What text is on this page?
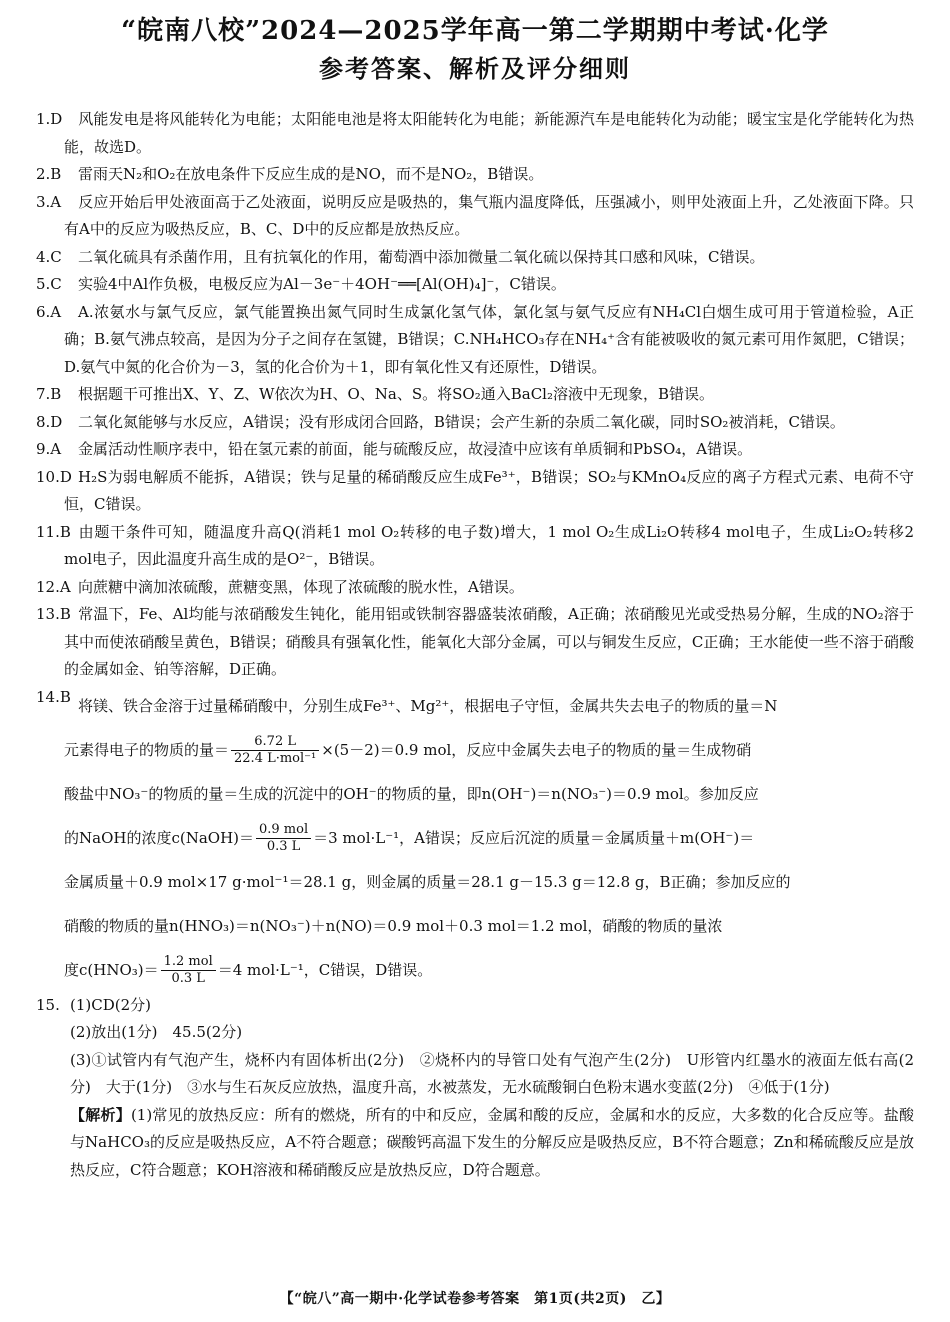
“皖南八校”2024—2025学年高一第二学期期中考试·化学
参考答案、解析及评分细则

1.D 风能发电是将风能转化为电能；太阳能电池是将太阳能转化为电能；新能源汽车是电能转化为动能；暖宝宝是化学能转化为热能，故选D。

2.B 雷雨天N₂和O₂在放电条件下反应生成的是NO，而不是NO₂，B错误。

3.A 反应开始后甲处液面高于乙处液面，说明反应是吸热的，集气瓶内温度降低，压强减小，则甲处液面上升，乙处液面下降。只有A中的反应为吸热反应，B、C、D中的反应都是放热反应。

4.C 二氧化硫具有杀菌作用，且有抗氧化的作用，葡萄酒中添加微量二氧化硫以保持其口感和风味，C错误。

5.C 实验4中Al作负极，电极反应为Al－3e⁻＋4OH⁻══[Al(OH)₄]⁻，C错误。

6.A A.浓氨水与氯气反应，氯气能置换出氮气同时生成氯化氢气体，氯化氢与氨气反应有NH₄Cl白烟生成可用于管道检验，A正确；B.氨气沸点较高，是因为分子之间存在氢键，B错误；C.NH₄HCO₃存在NH₄⁺含有能被吸收的氮元素可用作氮肥，C错误；D.氨气中氮的化合价为－3，氢的化合价为＋1，即有氧化性又有还原性，D错误。

7.B 根据题干可推出X、Y、Z、W依次为H、O、Na、S。将SO₂通入BaCl₂溶液中无现象，B错误。

8.D 二氧化氮能够与水反应，A错误；没有形成闭合回路，B错误；会产生新的杂质二氧化碳，同时SO₂被消耗，C错误。

9.A 金属活动性顺序表中，铅在氢元素的前面，能与硫酸反应，故浸渣中应该有单质铜和PbSO₄，A错误。

10.D H₂S为弱电解质不能拆，A错误；铁与足量的稀硝酸反应生成Fe³⁺，B错误；SO₂与KMnO₄反应的离子方程式元素、电荷不守恒，C错误。

11.B 由题干条件可知，随温度升高Q(消耗1 mol O₂转移的电子数)增大，1 mol O₂生成Li₂O转移4 mol电子，生成Li₂O₂转移2 mol电子，因此温度升高生成的是O²⁻，B错误。

12.A 向蔗糖中滴加浓硫酸，蔗糖变黑，体现了浓硫酸的脱水性，A错误。

13.B 常温下，Fe、Al均能与浓硝酸发生钝化，能用铝或铁制容器盛装浓硝酸，A正确；浓硝酸见光或受热易分解，生成的NO₂溶于其中而使浓硝酸呈黄色，B错误；硝酸具有强氧化性，能氧化大部分金属，可以与铜发生反应，C正确；王水能使一些不溶于硝酸的金属如金、铂等溶解，D正确。

14.B 将镁、铁合金溶于过量稀硝酸中，分别生成Fe³⁺、Mg²⁺，根据电子守恒，金属共失去电子的物质的量＝N
元素得电子的物质的量＝ $\frac{6.72 L}{\text{22.4 L·mol⁻¹}} \times(5-2)=0.9$ mol，反应中金属失去电子的物质的量＝生成物硝
酸盐中NO₃⁻的物质的量＝生成的沉淀中的OH⁻的物质的量，即n(OH⁻)＝n(NO₃⁻)＝0.9 mol。参加反应
的NaOH的浓度c(NaOH)＝ $\frac{\text{0.9 mol}}{0.3 L} =3$ mol·L⁻¹，A错误；反应后沉淀的质量＝金属质量＋m(OH⁻)＝
金属质量＋0.9 mol×17 g·mol⁻¹＝28.1 g，则金属的质量＝28.1 g－15.3 g＝12.8 g，B正确；参加反应的
硝酸的物质的量n(HNO₃)＝n(NO₃⁻)＋n(NO)＝0.9 mol＋0.3 mol＝1.2 mol，硝酸的物质的量浓
度$c(HNO_3)= \frac{\text{1.2 mol}}{0.3 L} =4$ mol·L⁻¹，C错误，D错误。
15. (1)CD(2分)

(2)放出(1分)　45.5(2分)

(3)①试管内有气泡产生，烧杯内有固体析出(2分)　②烧杯内的导管口处有气泡产生(2分)　U形管内红墨水的液面左低右高(2分)　大于(1分)　③水与生石灰反应放热，温度升高，水被蒸发，无水硫酸铜白色粉末遇水变蓝(2分)　④低于(1分)

【解析】(1)常见的放热反应：所有的燃烧，所有的中和反应，金属和酸的反应，金属和水的反应，大多数的化合反应等。盐酸与NaHCO₃的反应是吸热反应，A不符合题意；碳酸钙高温下发生的分解反应是吸热反应，B不符合题意；Zn和稀硫酸反应是放热反应，C符合题意；KOH溶液和稀硝酸反应是放热反应，D符合题意。

【“皖八”高一期中·化学试卷参考答案　第1页(共2页)　乙】
